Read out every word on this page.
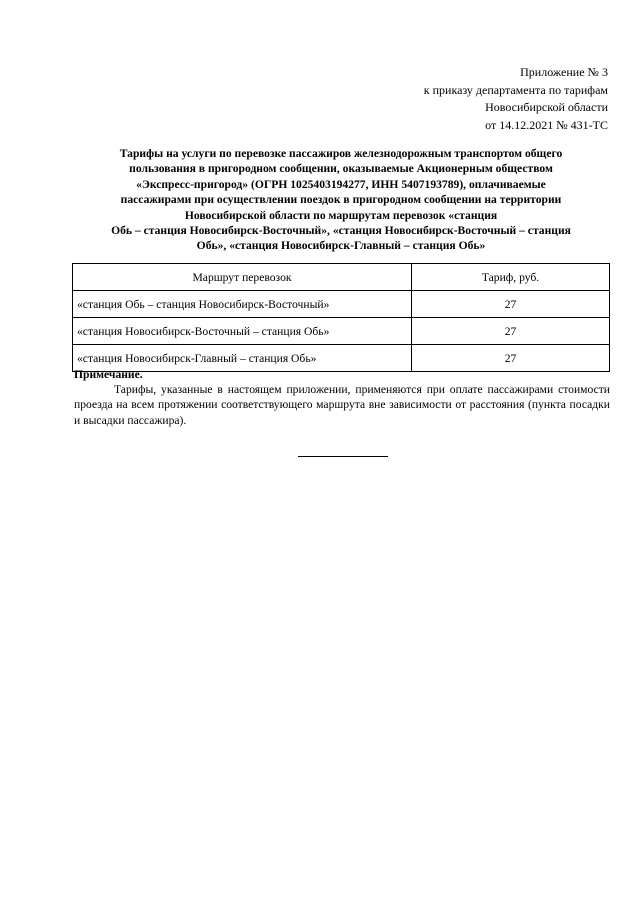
Приложение № 3
к приказу департамента по тарифам
Новосибирской области
от 14.12.2021 № 431-ТС
Тарифы на услуги по перевозке пассажиров железнодорожным транспортом общего
пользования в пригородном сообщении, оказываемые Акционерным обществом
«Экспресс-пригород» (ОГРН 1025403194277, ИНН 5407193789), оплачиваемые
пассажирами при осуществлении поездок в пригородном сообщении на территории
Новосибирской области по маршрутам перевозок «станция
Обь – станция Новосибирск-Восточный», «станция Новосибирск-Восточный – станция
Обь», «станция Новосибирск-Главный – станция Обь»
Маршрут перевозок	Тариф, руб.
«станция Обь – станция Новосибирск-Восточный»	27
«станция Новосибирск-Восточный – станция Обь»	27
«станция Новосибирск-Главный – станция Обь»	27
Примечание.
Тарифы, указанные в настоящем приложении, применяются при оплате пассажирами стоимости проезда на всем протяжении соответствующего маршрута вне зависимости от расстояния (пункта посадки и высадки пассажира).
